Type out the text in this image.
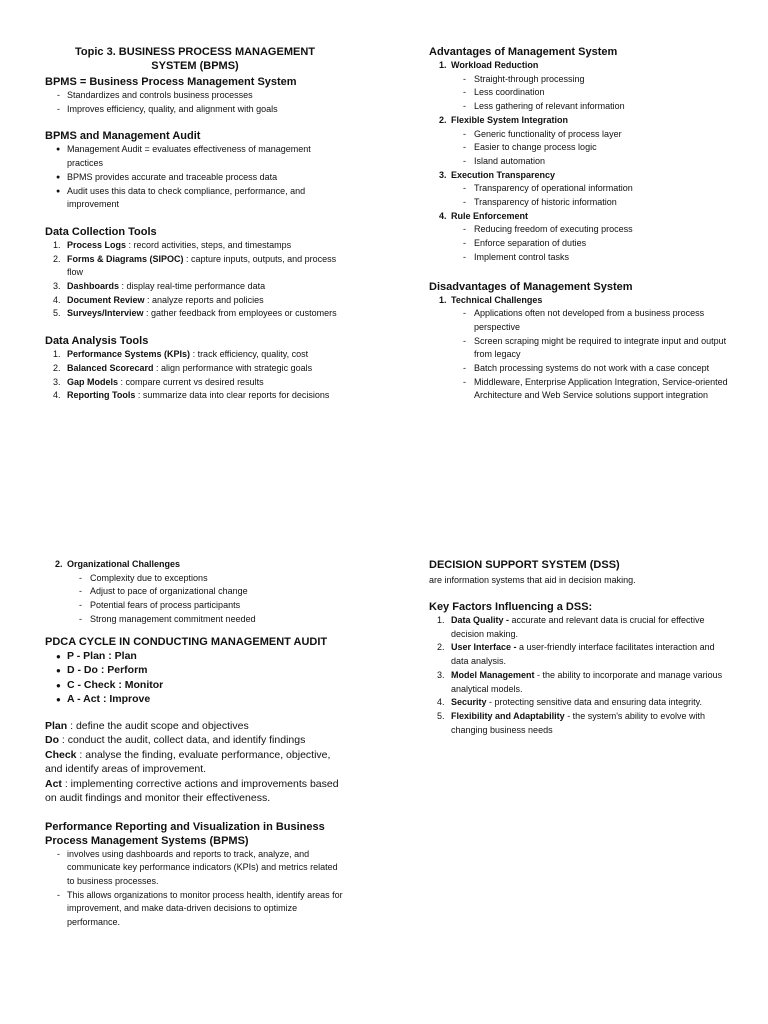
Topic 3. BUSINESS PROCESS MANAGEMENT
SYSTEM (BPMS)

BPMS = Business Process Management System

- Standardizes and controls business processes
- Improves efficiency, quality, and alignment with goals

BPMS and Management Audit

● Management Audit = evaluates effectiveness of management practices
● BPMS provides accurate and traceable process data
● Audit uses this data to check compliance, performance, and improvement

Data Collection Tools

1. Process Logs : record activities, steps, and timestamps
2. Forms & Diagrams (SIPOC) : capture inputs, outputs, and process flow
3. Dashboards : display real-time performance data
4. Document Review : analyze reports and policies
5. Surveys/Interview : gather feedback from employees or customers

Data Analysis Tools

1. Performance Systems (KPIs) : track efficiency, quality, cost
2. Balanced Scorecard : align performance with strategic goals
3. Gap Models : compare current vs desired results
4. Reporting Tools : summarize data into clear reports for decisions

Advantages of Management System

1. Workload Reduction
- Straight-through processing
- Less coordination
- Less gathering of relevant information
2. Flexible System Integration
- Generic functionality of process layer
- Easier to change process logic
- Island automation
3. Execution Transparency
- Transparency of operational information
- Transparency of historic information
4. Rule Enforcement
- Reducing freedom of executing process
- Enforce separation of duties
- Implement control tasks

Disadvantages of Management System

1. Technical Challenges
- Applications often not developed from a business process perspective
- Screen scraping might be required to integrate input and output from legacy
- Batch processing systems do not work with a case concept
- Middleware, Enterprise Application Integration, Service-oriented Architecture and Web Service solutions support integration
2. Organizational Challenges
- Complexity due to exceptions
- Adjust to pace of organizational change
- Potential fears of process participants
- Strong management commitment needed

PDCA CYCLE IN CONDUCTING MANAGEMENT AUDIT

● P - Plan : Plan
● D - Do : Perform
● C - Check : Monitor
● A - Act : Improve

Plan : define the audit scope and objectives

Do : conduct the audit, collect data, and identify findings

Check : analyse the finding, evaluate performance, objective, and identify areas of improvement.

Act : implementing corrective actions and improvements based on audit findings and monitor their effectiveness.

Performance Reporting and Visualization in Business Process Management Systems (BPMS)

- involves using dashboards and reports to track, analyze, and communicate key performance indicators (KPIs) and metrics related to business processes.
- This allows organizations to monitor process health, identify areas for improvement, and make data-driven decisions to optimize performance.

DECISION SUPPORT SYSTEM (DSS)

are information systems that aid in decision making.

Key Factors Influencing a DSS:

1. Data Quality - accurate and relevant data is crucial for effective decision making.
2. User Interface - a user-friendly interface facilitates interaction and data analysis.
3. Model Management - the ability to incorporate and manage various analytical models.
4. Security - protecting sensitive data and ensuring data integrity.
5. Flexibility and Adaptability - the system's ability to evolve with changing business needs
